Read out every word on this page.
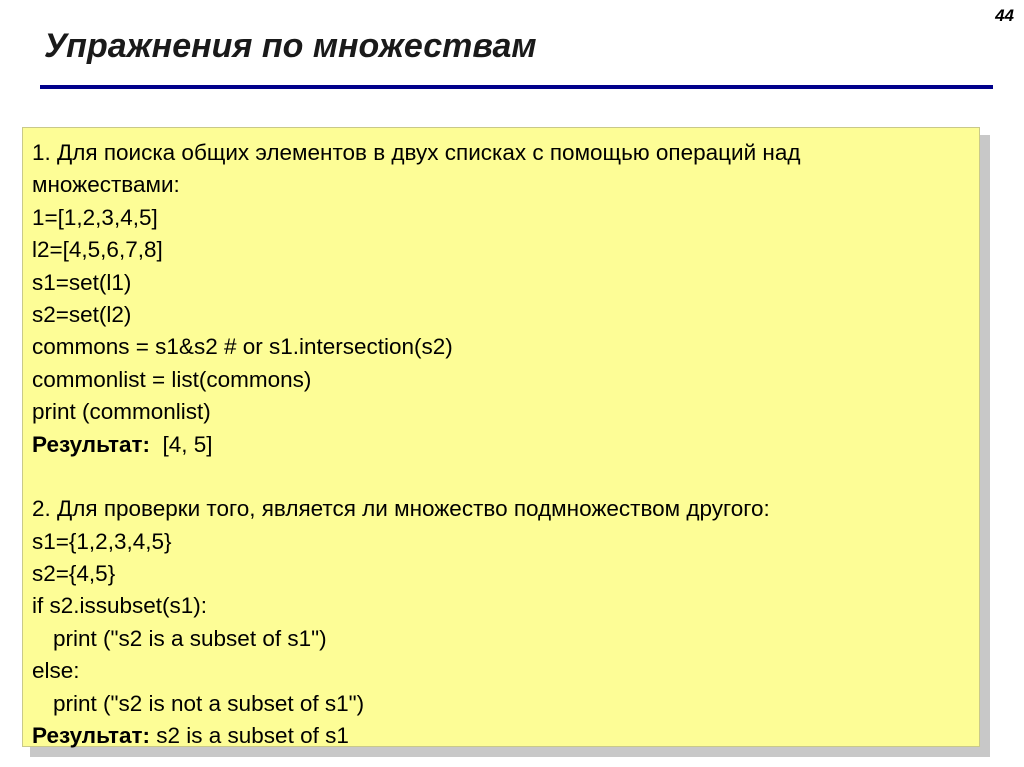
44
Упражнения по множествам
1. Для поиска общих элементов в двух списках с помощью операций над
множествами:
1=[1,2,3,4,5]
l2=[4,5,6,7,8]
s1=set(l1)
s2=set(l2)
commons = s1&s2 # or s1.intersection(s2)
commonlist = list(commons)
print (commonlist)
Результат:  [4, 5]
2. Для проверки того, является ли множество подмножеством другого:
s1={1,2,3,4,5}
s2={4,5}
if s2.issubset(s1):
print ("s2 is a subset of s1")
else:
print ("s2 is not a subset of s1")
Результат: s2 is a subset of s1
